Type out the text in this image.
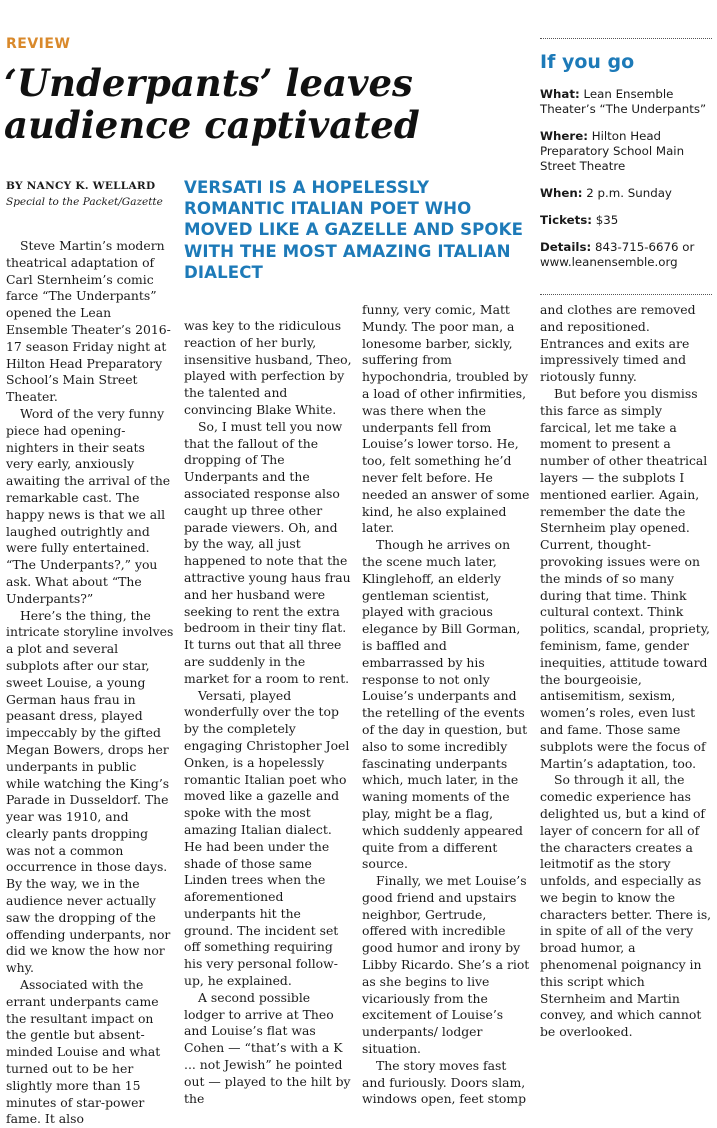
REVIEW
‘Underpants’ leaves
audience captivated
BY NANCY K. WELLARD
Special to the Packet/Gazette
VERSATI IS A HOPELESSLY ROMANTIC ITALIAN POET WHO MOVED LIKE A GAZELLE AND SPOKE WITH THE MOST AMAZING ITALIAN DIALECT

Steve Martin’s modern theatrical adaptation of Carl Sternheim’s comic farce “The Underpants” opened the Lean Ensemble Theater’s 2016-17 season Friday night at Hilton Head Preparatory School’s Main Street Theater.

Word of the very funny piece had opening-nighters in their seats very early, anxiously awaiting the arrival of the remarkable cast. The happy news is that we all laughed outrightly and were fully entertained. “The Underpants?,” you ask. What about “The Underpants?”

Here’s the thing, the intricate storyline involves a plot and several subplots after our star, sweet Louise, a young German haus frau in peasant dress, played impeccably by the gifted Megan Bowers, drops her underpants in public while watching the King’s Parade in Dusseldorf. The year was 1910, and clearly pants dropping was not a common occurrence in those days. By the way, we in the audience never actually saw the dropping of the offending underpants, nor did we know the how nor why.

Associated with the errant underpants came the resultant impact on the gentle but absent-minded Louise and what turned out to be her slightly more than 15 minutes of star-power fame. It also

was key to the ridiculous reaction of her burly, insensitive husband, Theo, played with perfection by the talented and convincing Blake White.

So, I must tell you now that the fallout of the dropping of The Underpants and the associated response also caught up three other parade viewers. Oh, and by the way, all just happened to note that the attractive young haus frau and her husband were seeking to rent the extra bedroom in their tiny flat. It turns out that all three are suddenly in the market for a room to rent.

Versati, played wonderfully over the top by the completely engaging Christopher Joel Onken, is a hopelessly romantic Italian poet who moved like a gazelle and spoke with the most amazing Italian dialect. He had been under the shade of those same Linden trees when the aforementioned underpants hit the ground. The incident set off something requiring his very personal follow-up, he explained.

A second possible lodger to arrive at Theo and Louise’s flat was Cohen — “that’s with a K ... not Jewish” he pointed out — played to the hilt by the

funny, very comic, Matt Mundy. The poor man, a lonesome barber, sickly, suffering from hypochondria, troubled by a load of other infirmities, was there when the underpants fell from Louise’s lower torso. He, too, felt something he’d never felt before. He needed an answer of some kind, he also explained later.

Though he arrives on the scene much later, Klinglehoff, an elderly gentleman scientist, played with gracious elegance by Bill Gorman, is baffled and embarrassed by his response to not only Louise’s underpants and the retelling of the events of the day in question, but also to some incredibly fascinating underpants which, much later, in the waning moments of the play, might be a flag, which suddenly appeared quite from a different source.

Finally, we met Louise’s good friend and upstairs neighbor, Gertrude, offered with incredible good humor and irony by Libby Ricardo. She’s a riot as she begins to live vicariously from the excitement of Louise’s underpants/ lodger situation.

The story moves fast and furiously. Doors slam, windows open, feet stomp

If you go
What: Lean Ensemble Theater’s “The Underpants”
Where: Hilton Head Preparatory School Main Street Theatre
When: 2 p.m. Sunday
Tickets: $35
Details: 843-715-6676 or www.leanensemble.org

and clothes are removed and repositioned. Entrances and exits are impressively timed and riotously funny.

But before you dismiss this farce as simply farcical, let me take a moment to present a number of other theatrical layers — the subplots I mentioned earlier. Again, remember the date the Sternheim play opened. Current, thought-provoking issues were on the minds of so many during that time. Think cultural context. Think politics, scandal, propriety, feminism, fame, gender inequities, attitude toward the bourgeoisie, antisemitism, sexism, women’s roles, even lust and fame. Those same subplots were the focus of Martin’s adaptation, too.

So through it all, the comedic experience has delighted us, but a kind of layer of concern for all of the characters creates a leitmotif as the story unfolds, and especially as we begin to know the characters better. There is, in spite of all of the very broad humor, a phenomenal poignancy in this script which Sternheim and Martin convey, and which cannot be overlooked.
